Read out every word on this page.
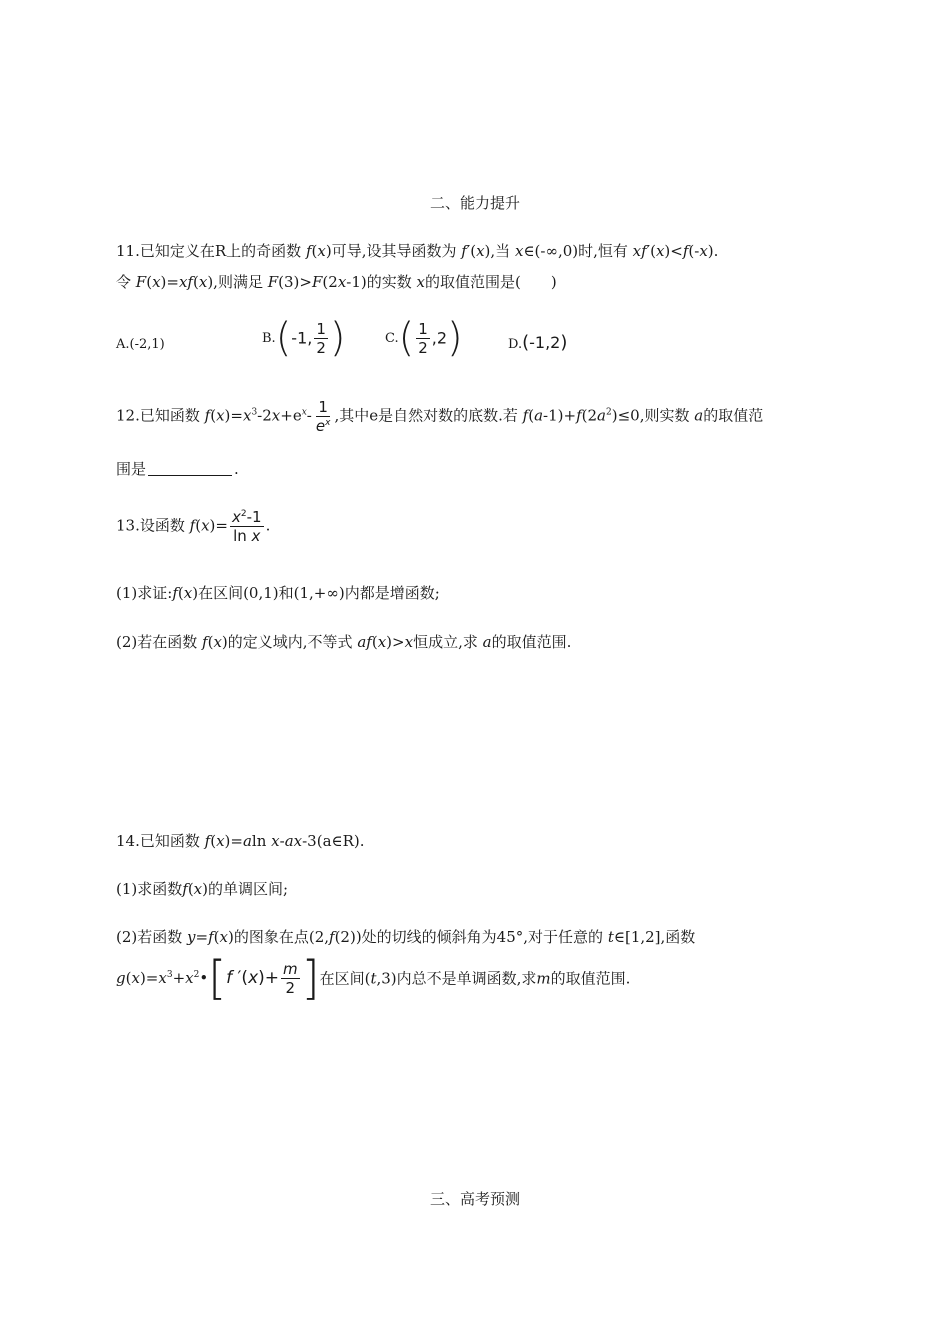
二、能力提升
11.已知定义在R上的奇函数 f(x)可导,设其导函数为 f′(x),当 x∈(-∞,0)时,恒有 xf′(x)<f(-x).
令 F(x)=xf(x),则满足 F(3)>F(2x-1)的实数 x的取值范围是(　　)
A.(-2,1)	B.(-1, $\frac{1}{2}$ )	$C.( \frac{1}{2} ,2)$	D.(-1,2)
12.已知函数 $f(x)=x^3-2x+e^x- \frac{1}{e^x}$ ,其中e是自然对数的底数.若 $f(a-1)+f(2a^2)\le 0$,则实数 a的取值范
围是	.
13.设函数 $f(x)= \frac{x^2-1}{\text{ln x}}$ .
(1)求证:f(x)在区间(0,1)和(1,+∞)内都是增函数;
(2)若在函数 f(x)的定义域内,不等式 af(x)>x恒成立,求 a的取值范围.
14.已知函数 f(x)=aln x-ax-3(a∈R).
(1)求函数f(x)的单调区间;
(2)若函数 y=f(x)的图象在点(2,f(2))处的切线的倾斜角为45°,对于任意的 t∈[1,2],函数
$g(x)=x^3+x^2•[f$ $'(x)+ \frac{m}{2}$ ]在区间(t,3)内总不是单调函数,求m的取值范围.
三、高考预测
